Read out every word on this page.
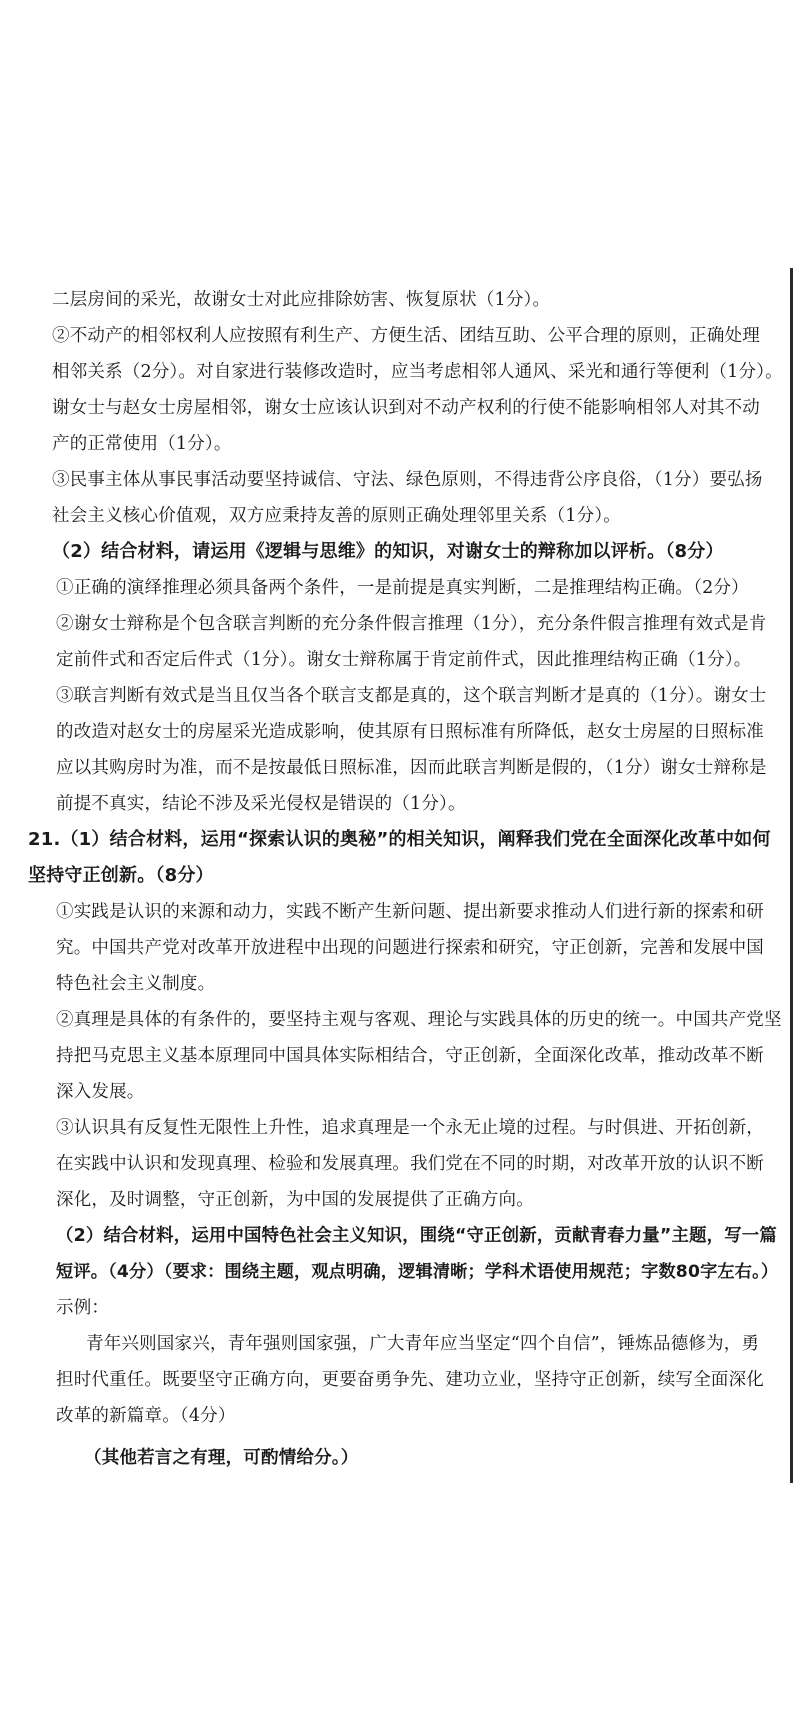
二层房间的采光，故谢女士对此应排除妨害、恢复原状（1分）。
②不动产的相邻权利人应按照有利生产、方便生活、团结互助、公平合理的原则，正确处理
相邻关系（2分）。对自家进行装修改造时，应当考虑相邻人通风、采光和通行等便利（1分）。
谢女士与赵女士房屋相邻，谢女士应该认识到对不动产权利的行使不能影响相邻人对其不动
产的正常使用（1分）。
③民事主体从事民事活动要坚持诚信、守法、绿色原则，不得违背公序良俗，（1分）要弘扬
社会主义核心价值观，双方应秉持友善的原则正确处理邻里关系（1分）。
（2）结合材料，请运用《逻辑与思维》的知识，对谢女士的辩称加以评析。（8分）
①正确的演绎推理必须具备两个条件，一是前提是真实判断，二是推理结构正确。（2分）
②谢女士辩称是个包含联言判断的充分条件假言推理（1分），充分条件假言推理有效式是肯
定前件式和否定后件式（1分）。谢女士辩称属于肯定前件式，因此推理结构正确（1分）。
③联言判断有效式是当且仅当各个联言支都是真的，这个联言判断才是真的（1分）。谢女士
的改造对赵女士的房屋采光造成影响，使其原有日照标准有所降低，赵女士房屋的日照标准
应以其购房时为准，而不是按最低日照标准，因而此联言判断是假的，（1分）谢女士辩称是
前提不真实，结论不涉及采光侵权是错误的（1分）。
21.（1）结合材料，运用“探索认识的奥秘”的相关知识，阐释我们党在全面深化改革中如何
坚持守正创新。（8分）
①实践是认识的来源和动力，实践不断产生新问题、提出新要求推动人们进行新的探索和研
究。中国共产党对改革开放进程中出现的问题进行探索和研究，守正创新，完善和发展中国
特色社会主义制度。
②真理是具体的有条件的，要坚持主观与客观、理论与实践具体的历史的统一。中国共产党坚
持把马克思主义基本原理同中国具体实际相结合，守正创新，全面深化改革，推动改革不断
深入发展。
③认识具有反复性无限性上升性，追求真理是一个永无止境的过程。与时俱进、开拓创新，
在实践中认识和发现真理、检验和发展真理。我们党在不同的时期，对改革开放的认识不断
深化，及时调整，守正创新，为中国的发展提供了正确方向。
（2）结合材料，运用中国特色社会主义知识，围绕“守正创新，贡献青春力量”主题，写一篇
短评。（4分）（要求：围绕主题，观点明确，逻辑清晰；学科术语使用规范；字数80字左右。）
示例：
青年兴则国家兴，青年强则国家强，广大青年应当坚定“四个自信”，锤炼品德修为，勇
担时代重任。既要坚守正确方向，更要奋勇争先、建功立业，坚持守正创新，续写全面深化
改革的新篇章。（4分）
（其他若言之有理，可酌情给分。）
